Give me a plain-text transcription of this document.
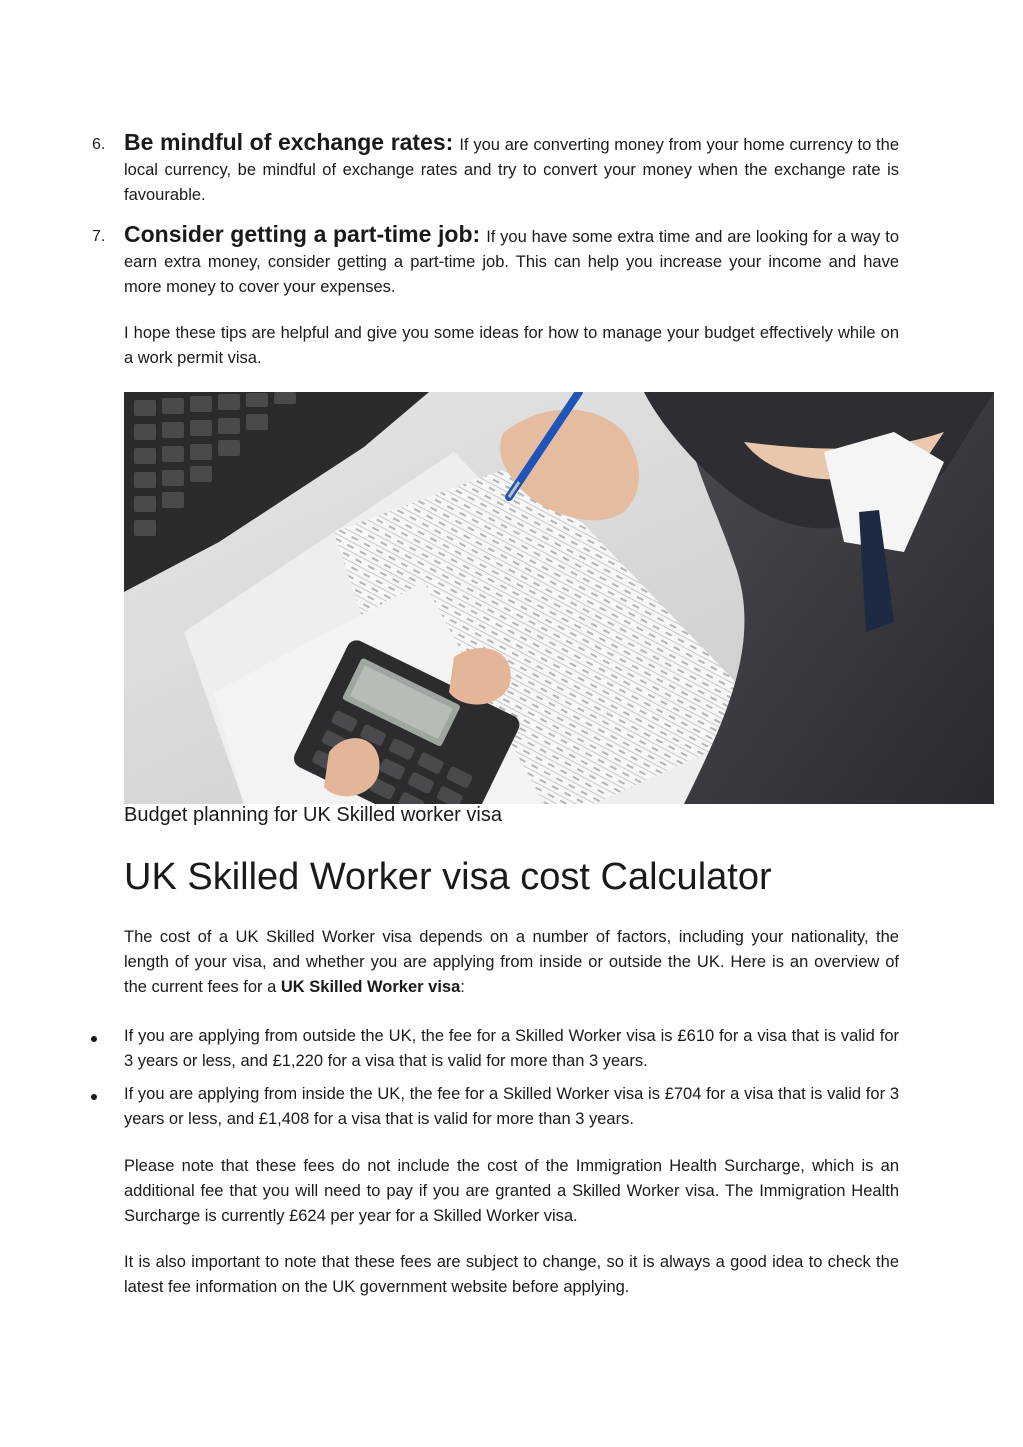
6. Be mindful of exchange rates: If you are converting money from your home currency to the local currency, be mindful of exchange rates and try to convert your money when the exchange rate is favourable.
7. Consider getting a part-time job: If you have some extra time and are looking for a way to earn extra money, consider getting a part-time job. This can help you increase your income and have more money to cover your expenses.

I hope these tips are helpful and give you some ideas for how to manage your budget effectively while on a work permit visa.

Budget planning for UK Skilled worker visa
UK Skilled Worker visa cost Calculator

The cost of a UK Skilled Worker visa depends on a number of factors, including your nationality, the length of your visa, and whether you are applying from inside or outside the UK. Here is an overview of the current fees for a UK Skilled Worker visa:

If you are applying from outside the UK, the fee for a Skilled Worker visa is £610 for a visa that is valid for 3 years or less, and £1,220 for a visa that is valid for more than 3 years.

If you are applying from inside the UK, the fee for a Skilled Worker visa is £704 for a visa that is valid for 3 years or less, and £1,408 for a visa that is valid for more than 3 years.

Please note that these fees do not include the cost of the Immigration Health Surcharge, which is an additional fee that you will need to pay if you are granted a Skilled Worker visa. The Immigration Health Surcharge is currently £624 per year for a Skilled Worker visa.

It is also important to note that these fees are subject to change, so it is always a good idea to check the latest fee information on the UK government website before applying.
